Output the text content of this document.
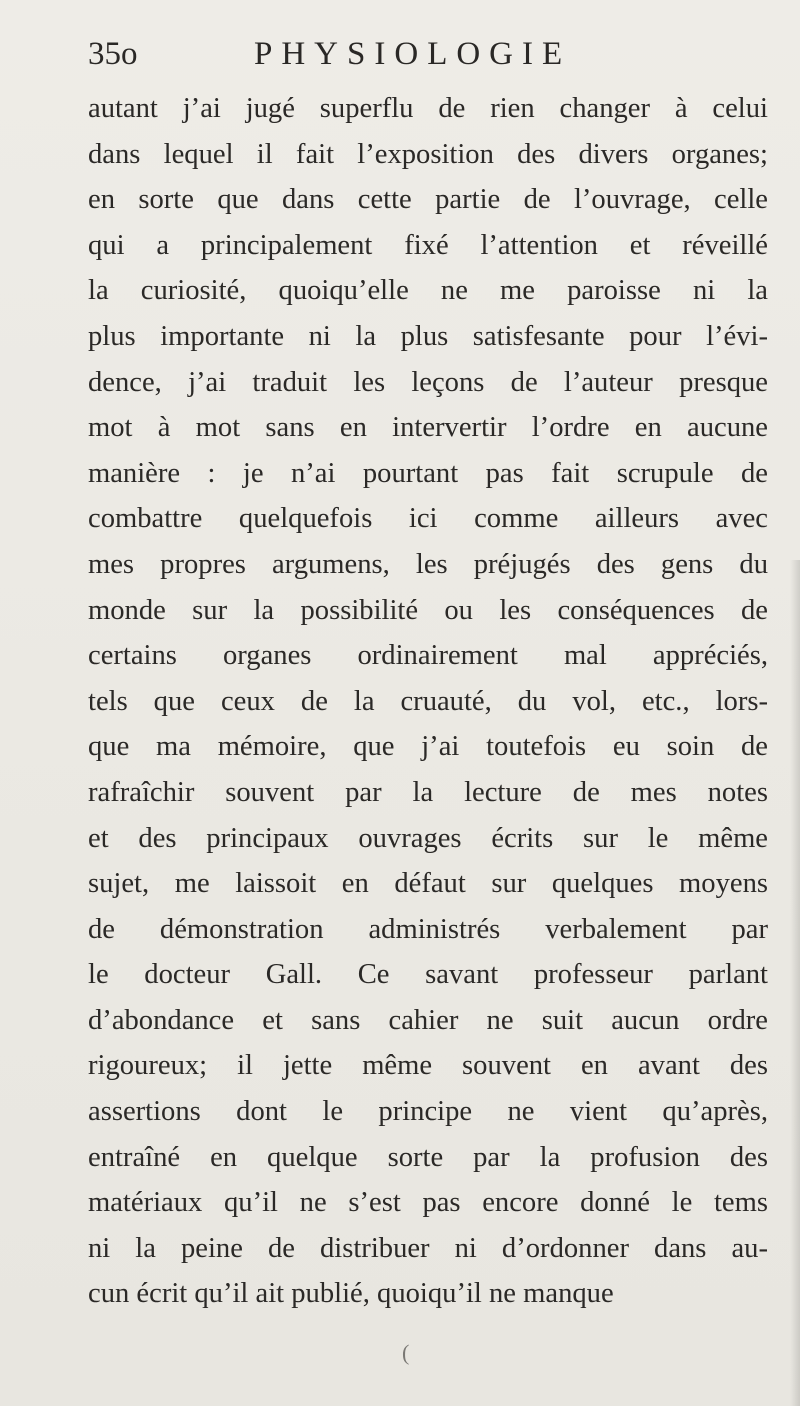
35o	PHYSIOLOGIE
autant j’ai jugé superflu de rien changer à celui
dans lequel il fait l’exposition des divers organes;
en sorte que dans cette partie de l’ouvrage, celle
qui a principalement fixé l’attention et réveillé
la curiosité, quoiqu’elle ne me paroisse ni la
plus importante ni la plus satisfesante pour l’évi-
dence, j’ai traduit les leçons de l’auteur presque
mot à mot sans en intervertir l’ordre en aucune
manière : je n’ai pourtant pas fait scrupule de
combattre quelquefois ici comme ailleurs avec
mes propres argumens, les préjugés des gens du
monde sur la possibilité ou les conséquences de
certains organes ordinairement mal appréciés,
tels que ceux de la cruauté, du vol, etc., lors-
que ma mémoire, que j’ai toutefois eu soin de
rafraîchir souvent par la lecture de mes notes
et des principaux ouvrages écrits sur le même
sujet, me laissoit en défaut sur quelques moyens
de démonstration administrés verbalement par
le docteur Gall. Ce savant professeur parlant
d’abondance et sans cahier ne suit aucun ordre
rigoureux; il jette même souvent en avant des
assertions dont le principe ne vient qu’après,
entraîné en quelque sorte par la profusion des
matériaux qu’il ne s’est pas encore donné le tems
ni la peine de distribuer ni d’ordonner dans au-
cun écrit qu’il ait publié, quoiqu’il ne manque
(
